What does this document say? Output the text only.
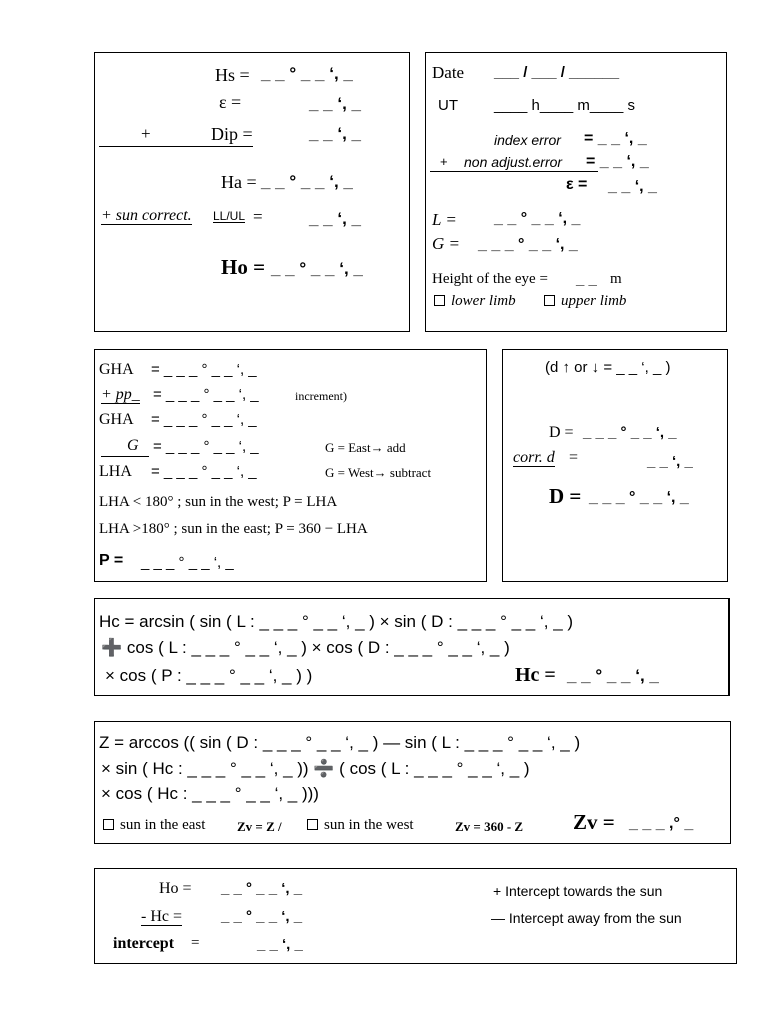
Hs = _ _ ° _ _ ‘, _
ε =	_ _ ‘, _
+	Dip =	_ _ ‘, _
Ha = _ _ ° _ _ ‘, _
+ sun correct. LL/UL =	_ _ ‘, _
Ho = _ _ ° _ _ ‘, _
Date ___ / ___ / ______
UT ____ h____ m____ s
index error = _ _ ‘, _
+ non adjust.error = _ _ ‘, _
ε = _ _ ‘, _
L = _ _ ° _ _ ‘, _
G = _ _ _ ° _ _ ‘, _
Height of the eye = _ _ m
lower limb	upper limb
GHA = _ _ _ ° _ _ ‘, _
+ pp_ = _ _ _ ° _ _ ‘, _	increment)
GHA = _ _ _ ° _ _ ‘, _
G = _ _ _ ° _ _ ‘, _	G = East→ add
LHA = _ _ _ ° _ _ ‘, _	G = West→ subtract
LHA < 180° ; sun in the west; P = LHA
LHA >180° ; sun in the east; P = 360 − LHA
P = _ _ _ ° _ _ ‘, _
(d ↑ or ↓ = _ _ ‘, _ )
D = _ _ _ ° _ _ ‘, _
corr. d =	_ _ ‘, _
D = _ _ _ ° _ _ ‘, _
Hc = arcsin ( sin ( L : _ _ _ ° _ _ ‘, _ ) × sin ( D : _ _ _ ° _ _ ‘, _ )
➕ cos ( L : _ _ _ ° _ _ ‘, _ ) × cos ( D : _ _ _ ° _ _ ‘, _ )
× cos ( P : _ _ _ ° _ _ ‘, _ ) )	Hc = _ _ ° _ _ ‘, _
Z = arccos (( sin ( D : _ _ _ ° _ _ ‘, _ ) — sin ( L : _ _ _ ° _ _ ‘, _ )
× sin ( Hc : _ _ _ ° _ _ ‘, _ )) ➗ ( cos ( L : _ _ _ ° _ _ ‘, _ )
× cos ( Hc : _ _ _ ° _ _ ‘, _ )))
sun in the east Zv = Z /	sun in the west	Zv = 360 - Z Zv = _ _ _ ,° _
Ho = _ _ ° _ _ ‘, _
- Hc =	_ _ ° _ _ ‘, _
intercept =	_ _ ‘, _
+ Intercept towards the sun
— Intercept away from the sun
